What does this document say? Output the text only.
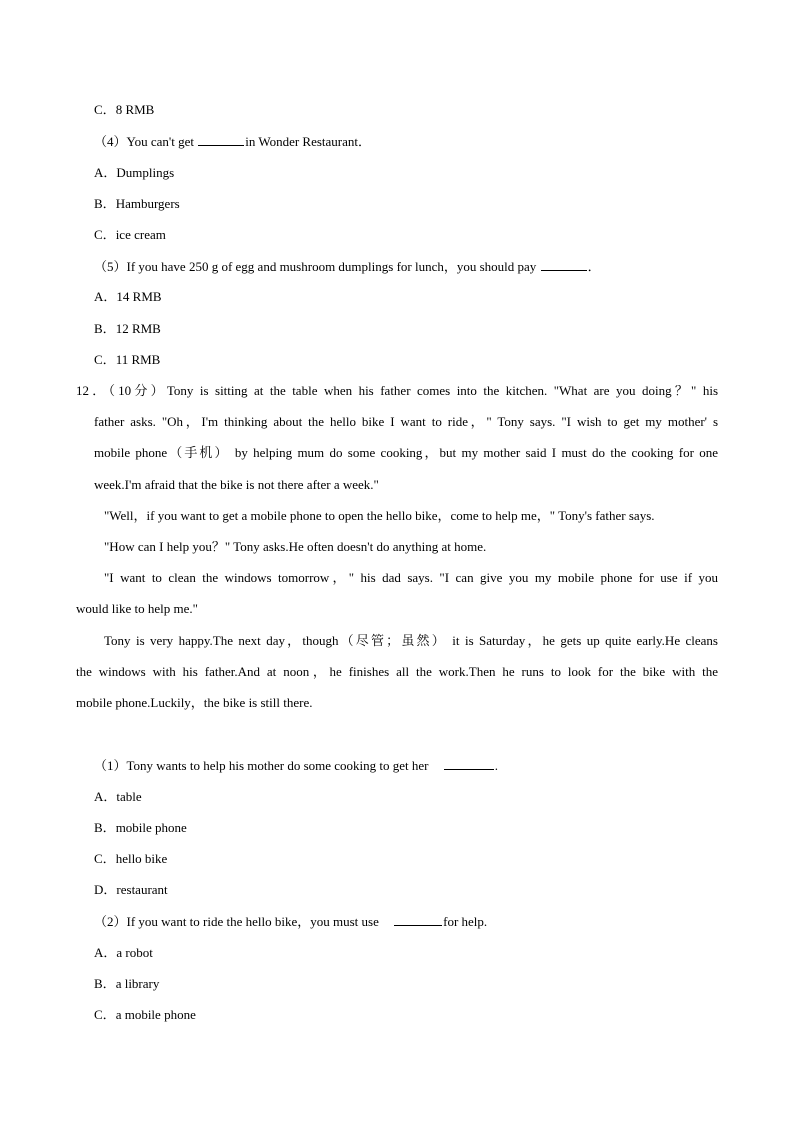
C．8 RMB
（4）You can't get	in Wonder Restaurant．
A．Dumplings
B．Hamburgers
C．ice cream
（5）If you have 250 g of egg and mushroom dumplings for lunch，you should pay	．
A．14 RMB
B．12 RMB
C．11 RMB
12．（10分）Tony is sitting at the table when his father comes into the kitchen. "What are you doing？" his
father asks. "Oh，I'm thinking about the hello bike I want to ride，" Tony says. "I wish to get my mother' s
mobile phone（手机） by helping mum do some cooking，but my mother said I must do the cooking for one
week.I'm afraid that the bike is not there after a week."
"Well，if you want to get a mobile phone to open the hello bike，come to help me，" Tony's father says.
"How can I help you？" Tony asks.He often doesn't do anything at home.
"I want to clean the windows tomorrow，" his dad says. "I can give you my mobile phone for use if you
would like to help me."
Tony is very happy.The next day，though（尽管；虽然） it is Saturday，he gets up quite early.He cleans
the windows with his father.And at noon，he finishes all the work.Then he runs to look for the bike with the
mobile phone.Luckily，the bike is still there.
（1）Tony wants to help his mother do some cooking to get her	.
A．table
B．mobile phone
C．hello bike
D．restaurant
（2）If you want to ride the hello bike，you must use	for help.
A．a robot
B．a library
C．a mobile phone
